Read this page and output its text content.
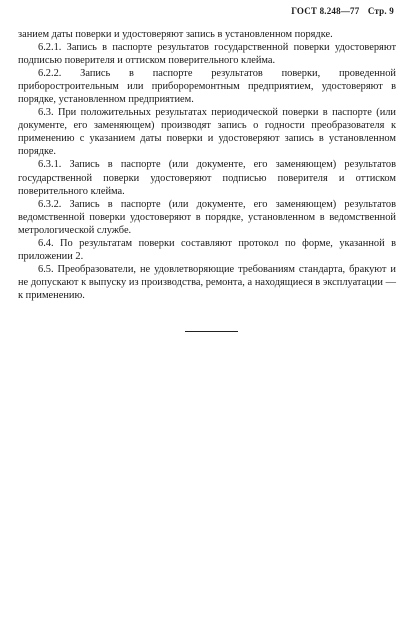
ГОСТ 8.248—77 Стр. 9

занием даты поверки и удостоверяют запись в установленном порядке.

6.2.1. Запись в паспорте результатов государственной поверки удостоверяют подписью поверителя и оттиском поверительного клейма.

6.2.2. Запись в паспорте результатов поверки, проведенной приборостроительным или прибороремонтным предприятием, удостоверяют в порядке, установленном предприятием.

6.3. При положительных результатах периодической поверки в паспорте (или документе, его заменяющем) производят запись о годности преобразователя к применению с указанием даты поверки и удостоверяют запись в установленном порядке.

6.3.1. Запись в паспорте (или документе, его заменяющем) результатов государственной поверки удостоверяют подписью поверителя и оттиском поверительного клейма.

6.3.2. Запись в паспорте (или документе, его заменяющем) результатов ведомственной поверки удостоверяют в порядке, установленном в ведомственной метрологической службе.

6.4. По результатам поверки составляют протокол по форме, указанной в приложении 2.

6.5. Преобразователи, не удовлетворяющие требованиям стандарта, бракуют и не допускают к выпуску из производства, ремонта, а находящиеся в эксплуатации — к применению.
